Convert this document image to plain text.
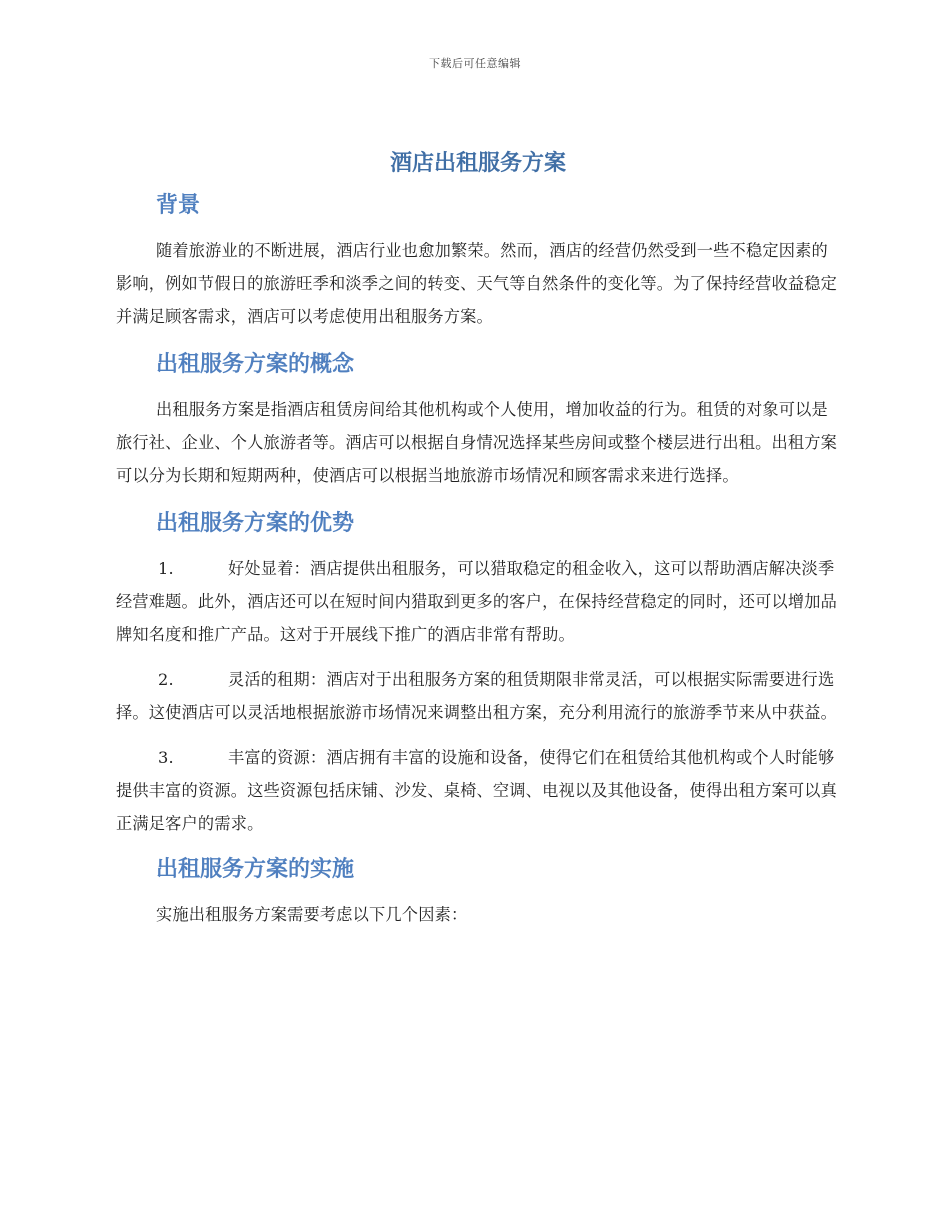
下载后可任意编辑
酒店出租服务方案
背景

随着旅游业的不断进展，酒店行业也愈加繁荣。然而，酒店的经营仍然受到一些不稳定因素的影响，例如节假日的旅游旺季和淡季之间的转变、天气等自然条件的变化等。为了保持经营收益稳定并满足顾客需求，酒店可以考虑使用出租服务方案。

出租服务方案的概念

出租服务方案是指酒店租赁房间给其他机构或个人使用，增加收益的行为。租赁的对象可以是旅行社、企业、个人旅游者等。酒店可以根据自身情况选择某些房间或整个楼层进行出租。出租方案可以分为长期和短期两种，使酒店可以根据当地旅游市场情况和顾客需求来进行选择。

出租服务方案的优势
1.	好处显着：酒店提供出租服务，可以猎取稳定的租金收入，这可以帮助酒店解决淡季经营难题。此外，酒店还可以在短时间内猎取到更多的客户，在保持经营稳定的同时，还可以增加品牌知名度和推广产品。这对于开展线下推广的酒店非常有帮助。
2.	灵活的租期：酒店对于出租服务方案的租赁期限非常灵活，可以根据实际需要进行选择。这使酒店可以灵活地根据旅游市场情况来调整出租方案，充分利用流行的旅游季节来从中获益。
3.	丰富的资源：酒店拥有丰富的设施和设备，使得它们在租赁给其他机构或个人时能够提供丰富的资源。这些资源包括床铺、沙发、桌椅、空调、电视以及其他设备，使得出租方案可以真正满足客户的需求。
出租服务方案的实施

实施出租服务方案需要考虑以下几个因素：
